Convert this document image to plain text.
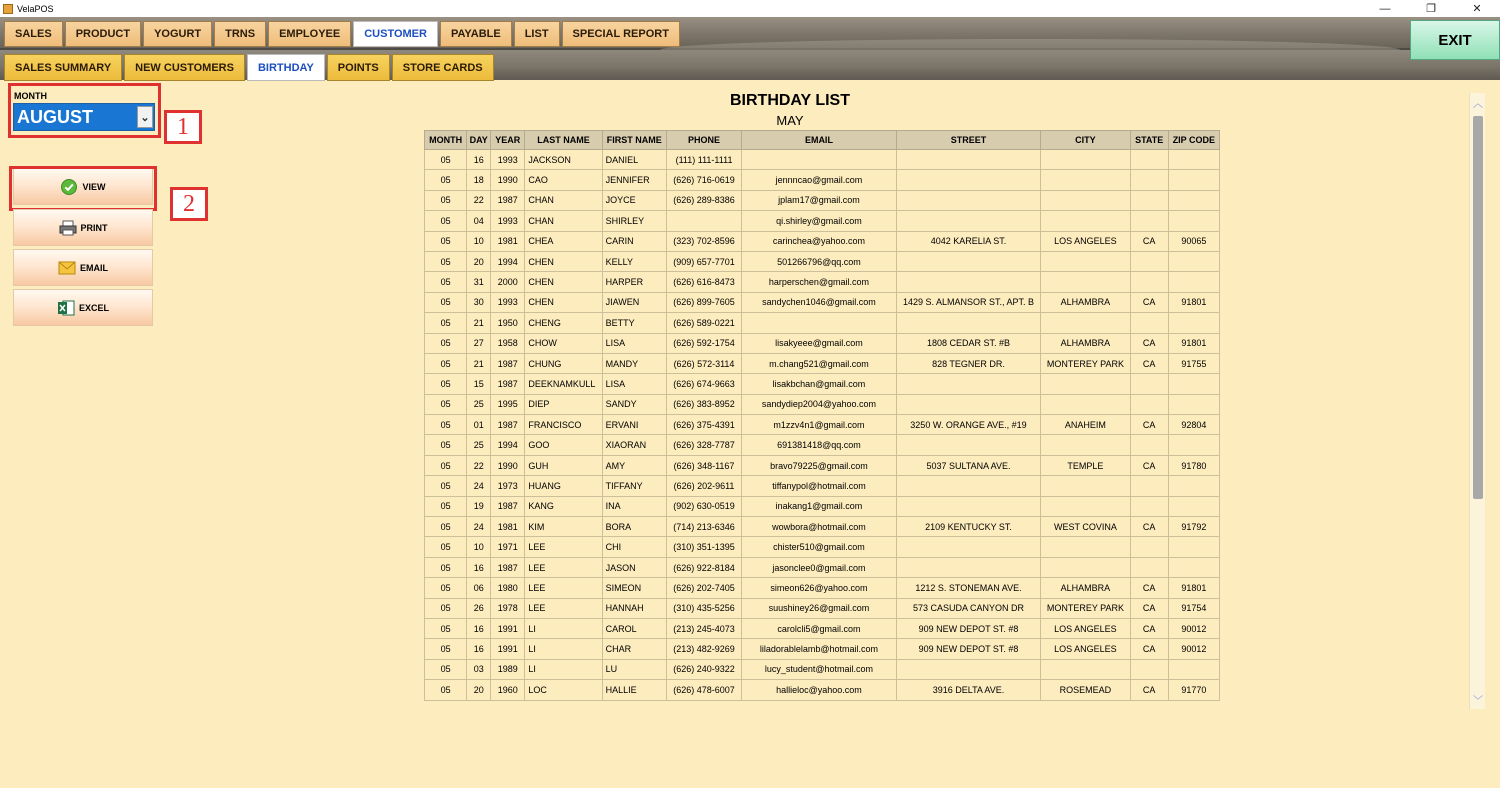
VelaPOS	—	❐	✕
SALES	PRODUCT	YOGURT	TRNS	EMPLOYEE	CUSTOMER	PAYABLE	LIST	SPECIAL REPORT
SALES SUMMARY	NEW CUSTOMERS	BIRTHDAY	POINTS	STORE CARDS
EXIT
MONTH
AUGUST	⌄	1
VIEW
2
PRINT
EMAIL
EXCEL
BIRTHDAY LIST
MAY
MONTH	DAY	YEAR	LAST NAME	FIRST NAME	PHONE	EMAIL	STREET	CITY	STATE	ZIP CODE
05	16	1993	JACKSON	DANIEL	(111) 111-1111					
05	18	1990	CAO	JENNIFER	(626) 716-0619	jennncao@gmail.com				
05	22	1987	CHAN	JOYCE	(626) 289-8386	jplam17@gmail.com				
05	04	1993	CHAN	SHIRLEY		qi.shirley@gmail.com				
05	10	1981	CHEA	CARIN	(323) 702-8596	carinchea@yahoo.com	4042 KARELIA ST.	LOS ANGELES	CA	90065
05	20	1994	CHEN	KELLY	(909) 657-7701	501266796@qq.com				
05	31	2000	CHEN	HARPER	(626) 616-8473	harperschen@gmail.com				
05	30	1993	CHEN	JIAWEN	(626) 899-7605	sandychen1046@gmail.com	1429 S. ALMANSOR ST., APT. B	ALHAMBRA	CA	91801
05	21	1950	CHENG	BETTY	(626) 589-0221					
05	27	1958	CHOW	LISA	(626) 592-1754	lisakyeee@gmail.com	1808 CEDAR ST. #B	ALHAMBRA	CA	91801
05	21	1987	CHUNG	MANDY	(626) 572-3114	m.chang521@gmail.com	828 TEGNER DR.	MONTEREY PARK	CA	91755
05	15	1987	DEEKNAMKULL	LISA	(626) 674-9663	lisakbchan@gmail.com				
05	25	1995	DIEP	SANDY	(626) 383-8952	sandydiep2004@yahoo.com				
05	01	1987	FRANCISCO	ERVANI	(626) 375-4391	m1zzv4n1@gmail.com	3250 W. ORANGE AVE., #19	ANAHEIM	CA	92804
05	25	1994	GOO	XIAORAN	(626) 328-7787	691381418@qq.com				
05	22	1990	GUH	AMY	(626) 348-1167	bravo79225@gmail.com	5037 SULTANA AVE.	TEMPLE	CA	91780
05	24	1973	HUANG	TIFFANY	(626) 202-9611	tiffanypol@hotmail.com				
05	19	1987	KANG	INA	(902) 630-0519	inakang1@gmail.com				
05	24	1981	KIM	BORA	(714) 213-6346	wowbora@hotmail.com	2109 KENTUCKY ST.	WEST COVINA	CA	91792
05	10	1971	LEE	CHI	(310) 351-1395	chister510@gmail.com				
05	16	1987	LEE	JASON	(626) 922-8184	jasonclee0@gmail.com				
05	06	1980	LEE	SIMEON	(626) 202-7405	simeon626@yahoo.com	1212 S. STONEMAN AVE.	ALHAMBRA	CA	91801
05	26	1978	LEE	HANNAH	(310) 435-5256	suushiney26@gmail.com	573 CASUDA CANYON DR	MONTEREY PARK	CA	91754
05	16	1991	LI	CAROL	(213) 245-4073	carolcli5@gmail.com	909 NEW DEPOT ST. #8	LOS ANGELES	CA	90012
05	16	1991	LI	CHAR	(213) 482-9269	liladorablelamb@hotmail.com	909 NEW DEPOT ST. #8	LOS ANGELES	CA	90012
05	03	1989	LI	LU	(626) 240-9322	lucy_student@hotmail.com				
05	20	1960	LOC	HALLIE	(626) 478-6007	hallieloc@yahoo.com	3916 DELTA AVE.	ROSEMEAD	CA	91770
︿
﹀
